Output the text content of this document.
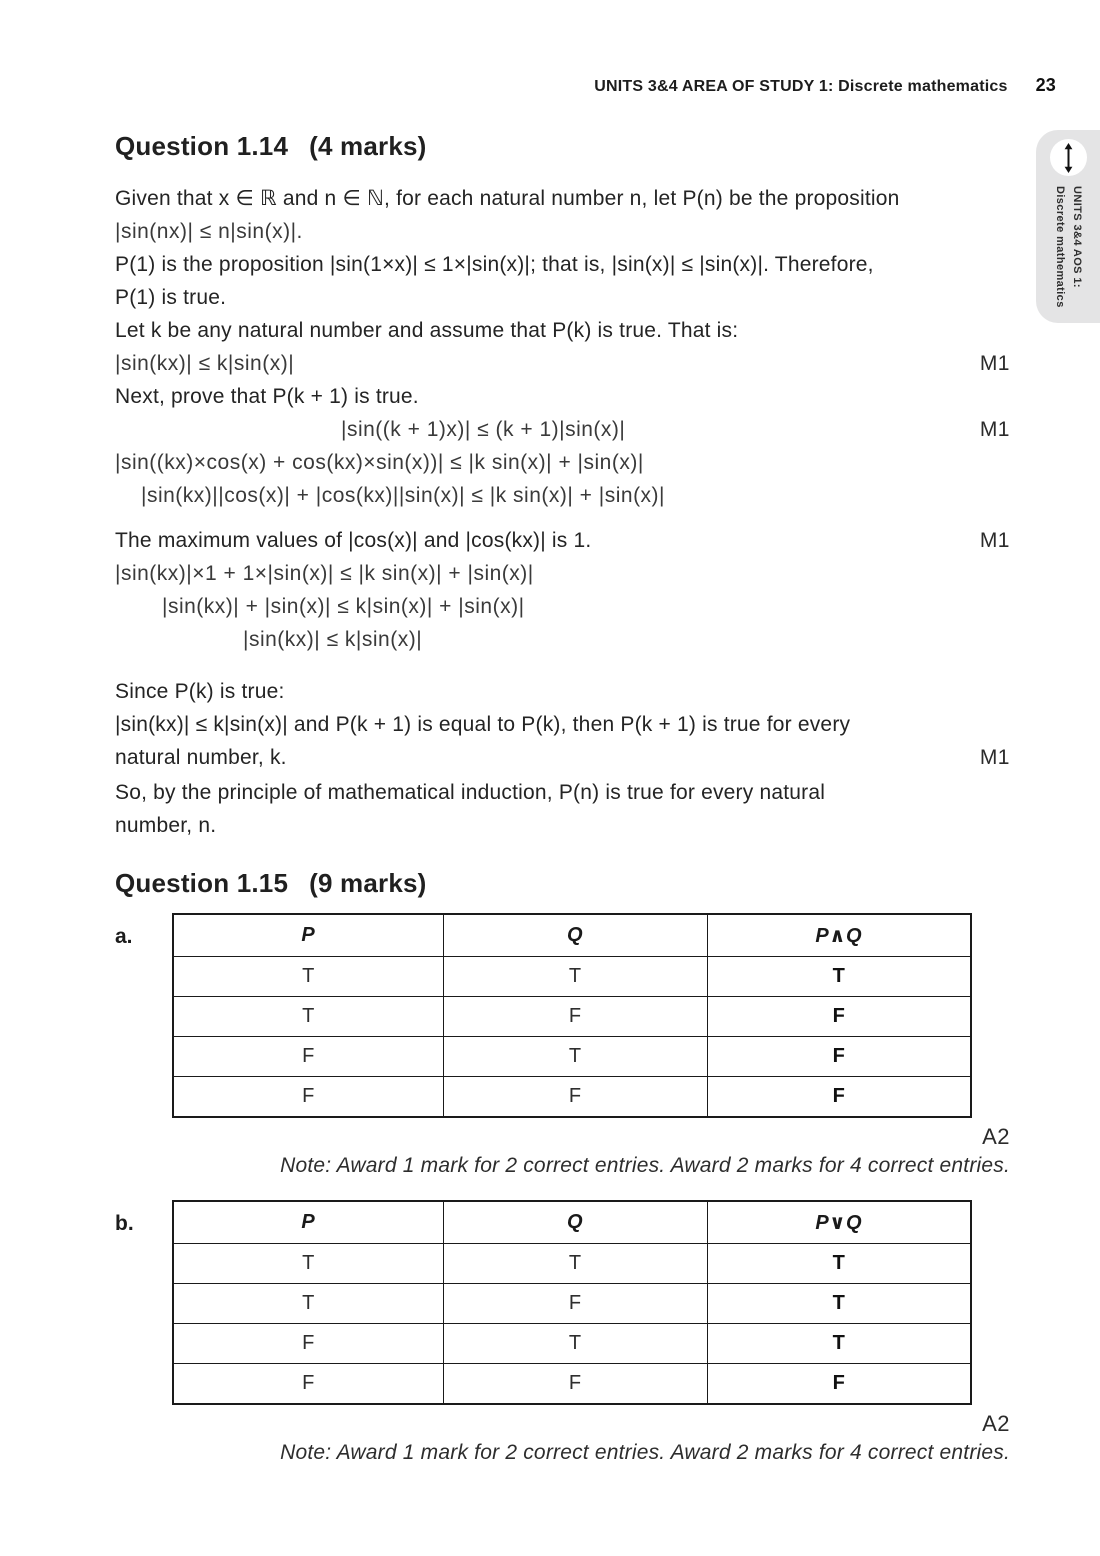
UNITS 3&4 AREA OF STUDY 1: Discrete mathematics 23
UNITS 3&4 AOS 1:
Discrete mathematics
Question 1.14 (4 marks)
Given that x ∈ ℝ and n ∈ ℕ, for each natural number n, let P(n) be the proposition
|sin(nx)| ≤ n|sin(x)|.
P(1) is the proposition |sin(1×x)| ≤ 1×|sin(x)|; that is, |sin(x)| ≤ |sin(x)|. Therefore,
P(1) is true.
Let k be any natural number and assume that P(k) is true. That is:
|sin(kx)| ≤ k|sin(x)|	M1
Next, prove that P(k + 1) is true.
|sin((k + 1)x)| ≤ (k + 1)|sin(x)|	M1
|sin((kx)×cos(x) + cos(kx)×sin(x))| ≤ |k sin(x)| + |sin(x)|
|sin(kx)||cos(x)| + |cos(kx)||sin(x)| ≤ |k sin(x)| + |sin(x)|
The maximum values of |cos(x)| and |cos(kx)| is 1.	M1
|sin(kx)|×1 + 1×|sin(x)| ≤ |k sin(x)| + |sin(x)|
|sin(kx)| + |sin(x)| ≤ k|sin(x)| + |sin(x)|
|sin(kx)| ≤ k|sin(x)|
Since P(k) is true:
|sin(kx)| ≤ k|sin(x)| and P(k + 1) is equal to P(k), then P(k + 1) is true for every
natural number, k.	M1
So, by the principle of mathematical induction, P(n) is true for every natural
number, n.
Question 1.15 (9 marks)
a.	P	Q	P∧Q
T	T	T
T	F	F
F	T	F
F	F	F
A2
Note: Award 1 mark for 2 correct entries. Award 2 marks for 4 correct entries.
b.	P	Q	P∨Q
T	T	T
T	F	T
F	T	T
F	F	F
A2
Note: Award 1 mark for 2 correct entries. Award 2 marks for 4 correct entries.
